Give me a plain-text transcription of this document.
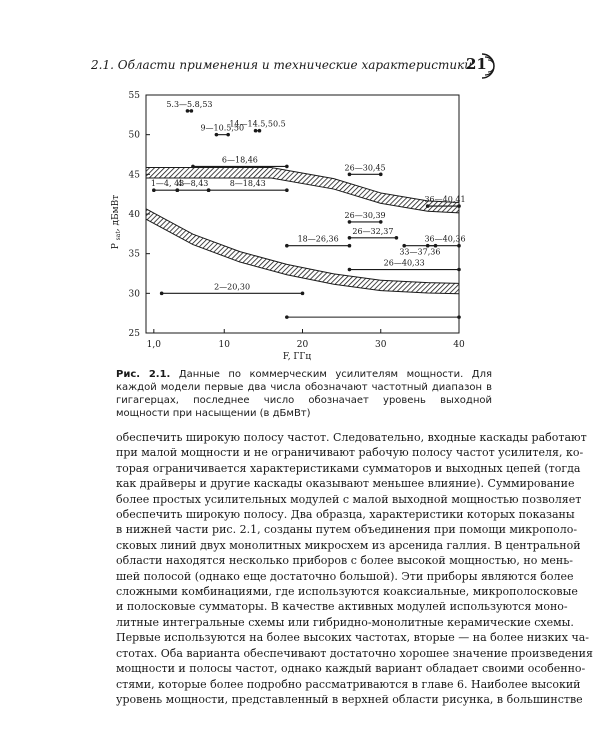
2.1. Области применения и технические характеристики
21
5.3—5.8,53
9—10.5,50
14—14.5,50.5
6—18,46
26—30,45
1—4, 43
4—8,43	8—18,43
36—40,41
26—30,39
26—32,37
18—26,36	36—40,36
33—37,36
26—40,33
2—20,30
25
30
35
40
45
50
55
1,0	10	20	30	40
P $_{sat}$, дБмВт
F, ГГц
Рис. 2.1. Данные по коммерческим усилителям мощности. Для каждой модели первые два числа обозначают частотный диапазон в гигагерцах, последнее число обозначает уровень выходной мощности при насыщении (в дБмВт)

обеспечить широкую полосу частот. Следовательно, входные каскады работают

при малой мощности и не ограничивают рабочую полосу частот усилителя, ко-

торая ограничивается характеристиками сумматоров и выходных цепей (тогда

как драйверы и другие каскады оказывают меньшее влияние). Суммирование

более простых усилительных модулей с малой выходной мощностью позволяет

обеспечить широкую полосу. Два образца, характеристики которых показаны

в нижней части рис. 2.1, созданы путем объединения при помощи микрополо-

сковых линий двух монолитных микросхем из арсенида галлия. В центральной

области находятся несколько приборов с более высокой мощностью, но мень-

шей полосой (однако еще достаточно большой). Эти приборы являются более

сложными комбинациями, где используются коаксиальные, микрополосковые

и полосковые сумматоры. В качестве активных модулей используются моно-

литные интегральные схемы или гибридно-монолитные керамические схемы.

Первые используются на более высоких частотах, вторые — на более низких ча-

стотах. Оба варианта обеспечивают достаточно хорошее значение произведения

мощности и полосы частот, однако каждый вариант обладает своими особенно-

стями, которые более подробно рассматриваются в главе 6. Наиболее высокий

уровень мощности, представленный в верхней области рисунка, в большинстве
